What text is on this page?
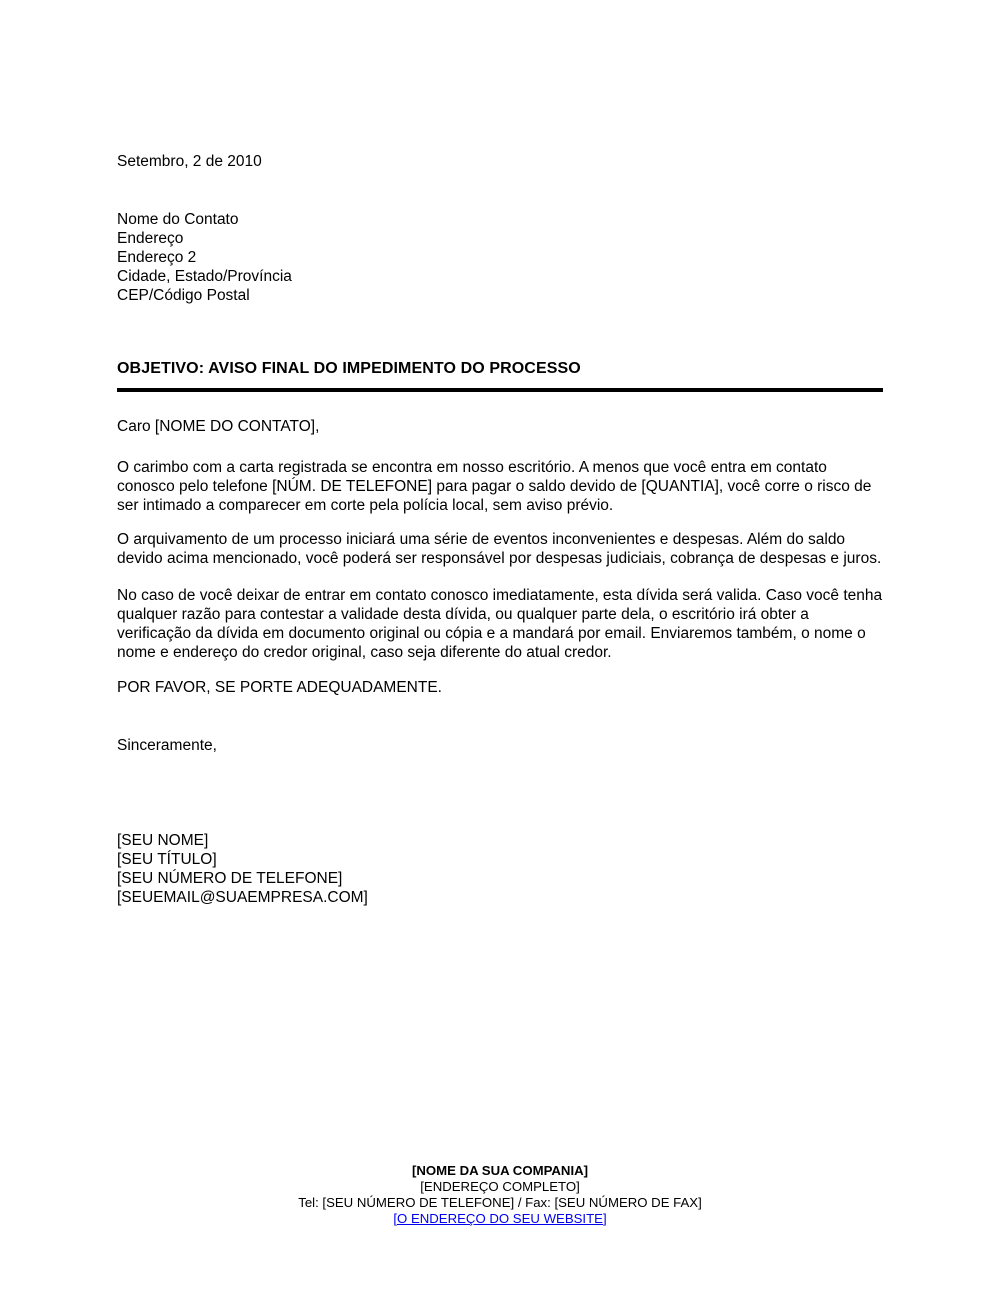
Setembro, 2 de 2010

Nome do Contato
Endereço
Endereço 2
Cidade, Estado/Província
CEP/Código Postal
OBJETIVO: AVISO FINAL DO IMPEDIMENTO DO PROCESSO

Caro [NOME DO CONTATO],

O carimbo com a carta registrada se encontra em nosso escritório. A menos que você entra em contato conosco pelo telefone [NÚM. DE TELEFONE] para pagar o saldo devido de [QUANTIA], você corre o risco de ser intimado a comparecer em corte pela polícia local, sem aviso prévio.

O arquivamento de um processo iniciará uma série de eventos inconvenientes e despesas. Além do saldo devido acima mencionado, você poderá ser responsável por despesas judiciais, cobrança de despesas e juros.

No caso de você deixar de entrar em contato conosco imediatamente, esta dívida será valida. Caso você tenha qualquer razão para contestar a validade desta dívida, ou qualquer parte dela, o escritório irá obter a verificação da dívida em documento original ou cópia e a mandará por email. Enviaremos também, o nome o nome e endereço do credor original, caso seja diferente do atual credor.

POR FAVOR, SE PORTE ADEQUADAMENTE.

Sinceramente,

[SEU NOME]
[SEU TÍTULO]
[SEU NÚMERO DE TELEFONE]
[SEUEMAIL@SUAEMPRESA.COM]
[NOME DA SUA COMPANIA]
[ENDEREÇO COMPLETO]
Tel: [SEU NÚMERO DE TELEFONE] / Fax: [SEU NÚMERO DE FAX]
[O ENDEREÇO DO SEU WEBSITE]
